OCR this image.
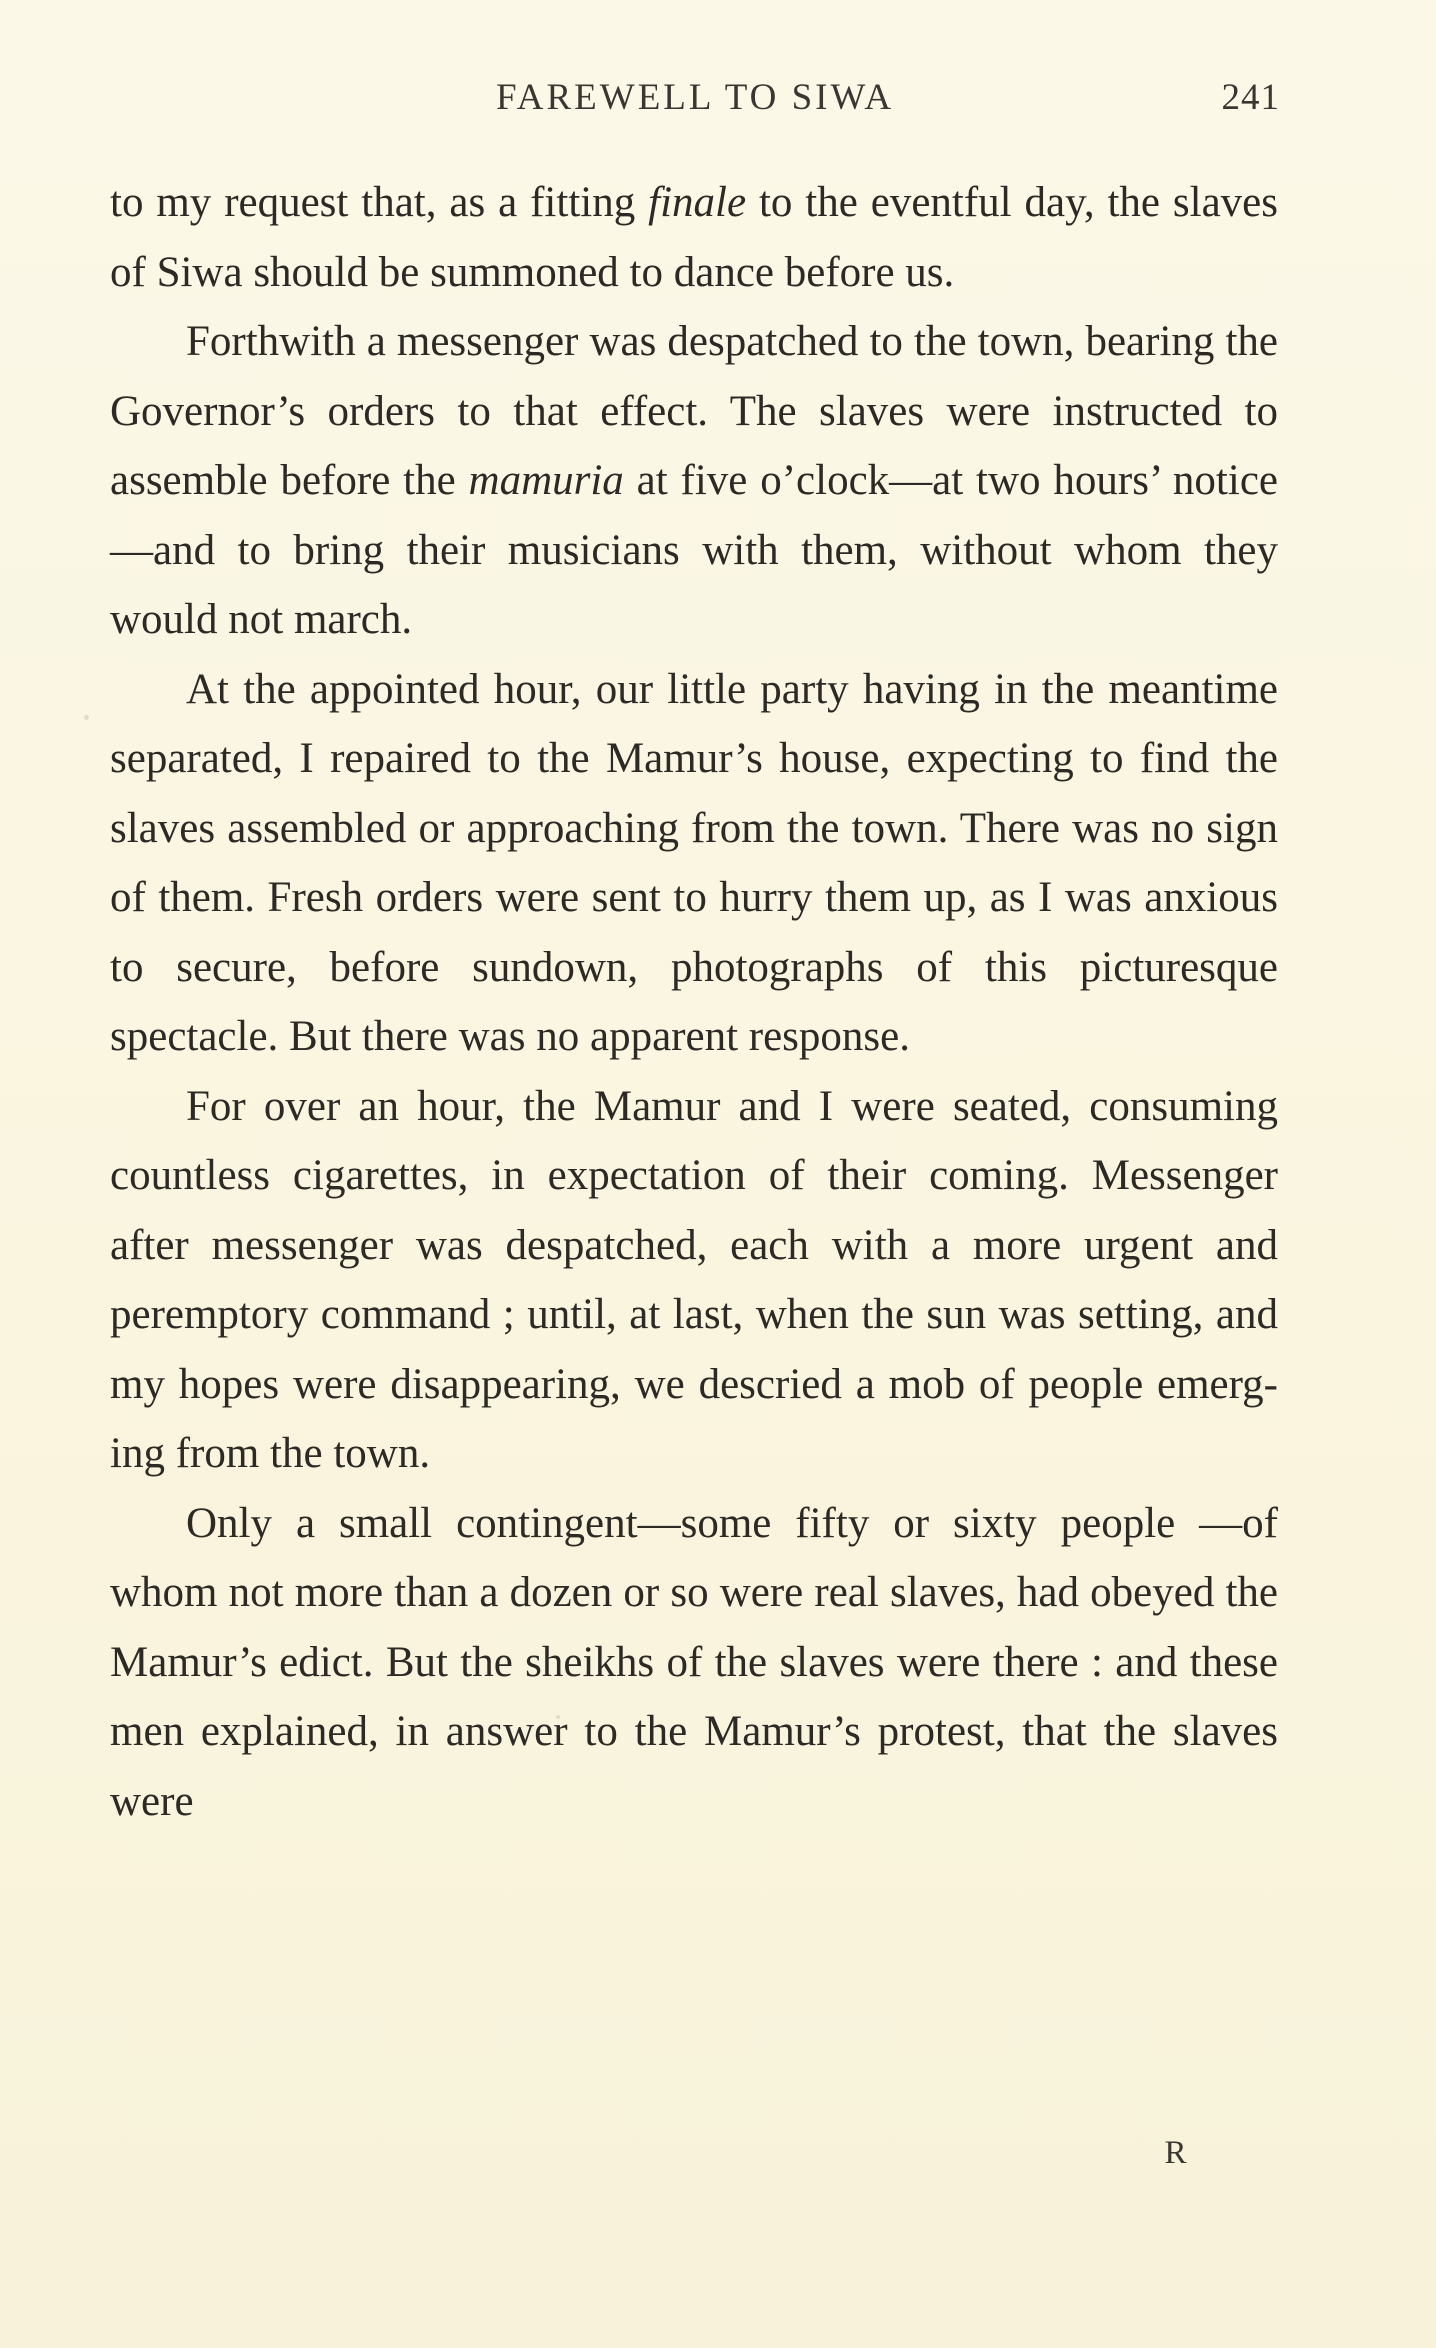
FAREWELL TO SIWA	241

to my request that, as a fitting finale to the eventful day, the slaves of Siwa should be summoned to dance before us.

Forthwith a messenger was despatched to the town, bearing the Governor’s orders to that effect. The slaves were instructed to assemble before the mamuria at five o’clock—at two hours’ notice—and to bring their musicians with them, without whom they would not march.

At the appointed hour, our little party having in the meantime separated, I repaired to the Mamur’s house, expecting to find the slaves assembled or approaching from the town. There was no sign of them. Fresh orders were sent to hurry them up, as I was anxious to secure, before sundown, photographs of this picturesque spectacle. But there was no apparent response.

For over an hour, the Mamur and I were seated, consuming countless cigarettes, in expectation of their coming. Messenger after messenger was despatched, each with a more urgent and peremptory command ; until, at last, when the sun was setting, and my hopes were disappearing, we descried a mob of people emerg-ing from the town.

Only a small contingent—some fifty or sixty people —of whom not more than a dozen or so were real slaves, had obeyed the Mamur’s edict. But the sheikhs of the slaves were there : and these men explained, in answer to the Mamur’s protest, that the slaves were

R
